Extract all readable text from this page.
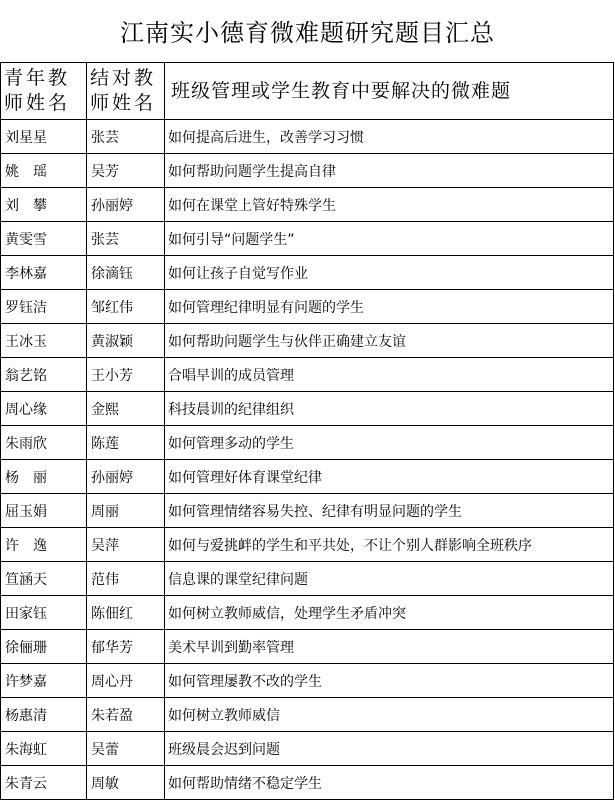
江南实小德育微难题研究题目汇总
青年教师姓名	结对教师姓名	班级管理或学生教育中要解决的微难题
刘星星	张芸	如何提高后进生，改善学习习惯
姚　瑶	吴芳	如何帮助问题学生提高自律
刘　攀	孙丽婷	如何在课堂上管好特殊学生
黄雯雪	张芸	如何引导“问题学生”
李林嘉	徐滴钰	如何让孩子自觉写作业
罗钰洁	邹红伟	如何管理纪律明显有问题的学生
王冰玉	黄淑颖	如何帮助问题学生与伙伴正确建立友谊
翁艺铭	王小芳	合唱早训的成员管理
周心缘	金熙	科技晨训的纪律组织
朱雨欣	陈莲	如何管理多动的学生
杨　丽	孙丽婷	如何管理好体育课堂纪律
屈玉娟	周丽	如何管理情绪容易失控、纪律有明显问题的学生
许　逸	吴萍	如何与爱挑衅的学生和平共处，不让个别人群影响全班秩序
笪涵天	范伟	信息课的课堂纪律问题
田家钰	陈佃红	如何树立教师威信，处理学生矛盾冲突
徐俪珊	郁华芳	美术早训到勤率管理
许梦嘉	周心丹	如何管理屡教不改的学生
杨惠清	朱若盈	如何树立教师威信
朱海虹	吴蕾	班级晨会迟到问题
朱青云	周敏	如何帮助情绪不稳定学生
